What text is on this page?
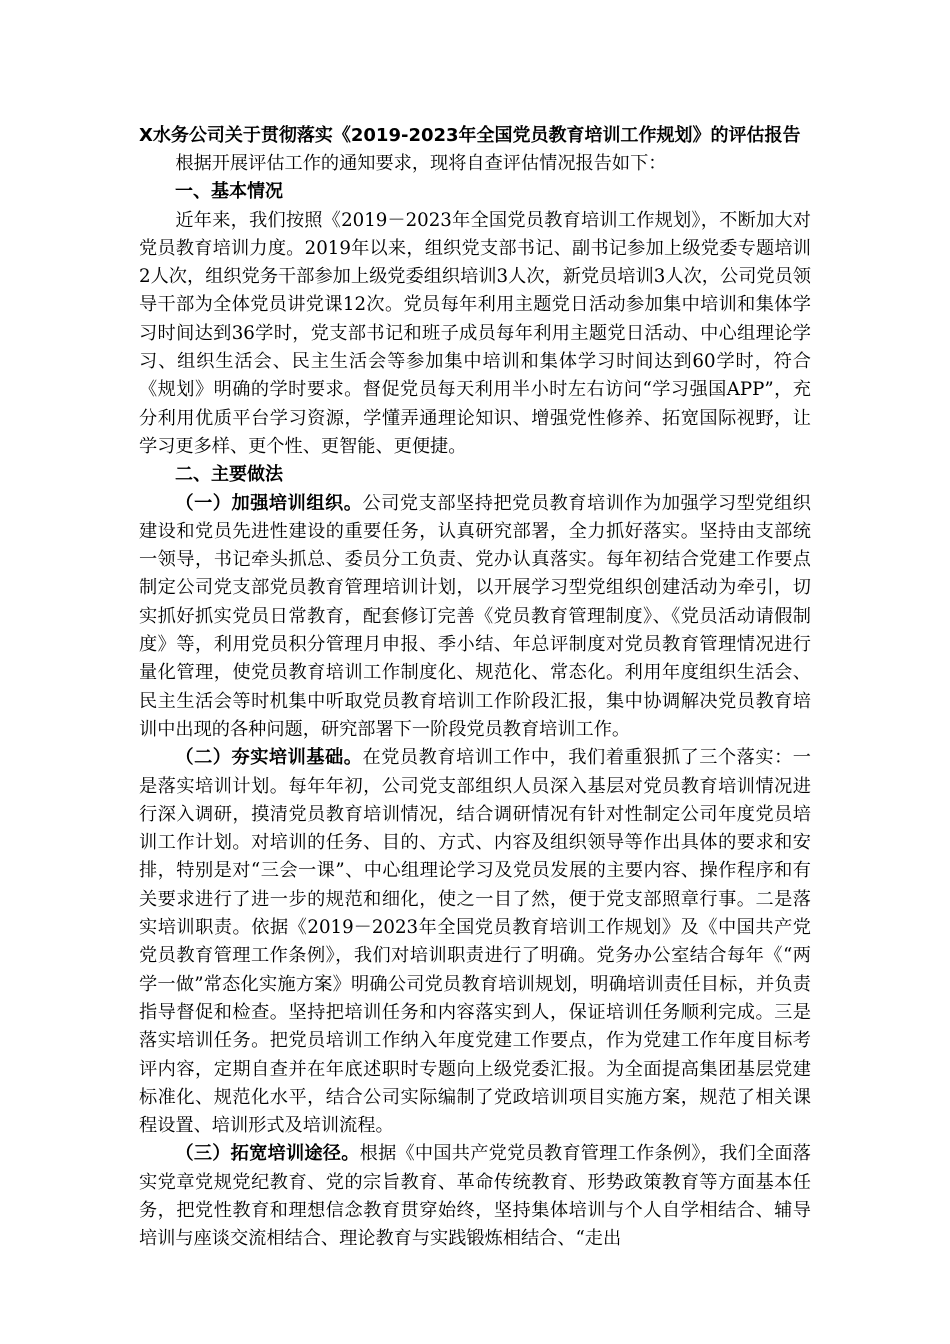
X水务公司关于贯彻落实《2019-2023年全国党员教育培训工作规划》的评估报告

根据开展评估工作的通知要求，现将自查评估情况报告如下：

一、基本情况

近年来，我们按照《2019－2023年全国党员教育培训工作规划》，不断加大对党员教育培训力度。2019年以来，组织党支部书记、副书记参加上级党委专题培训2人次，组织党务干部参加上级党委组织培训3人次，新党员培训3人次，公司党员领导干部为全体党员讲党课12次。党员每年利用主题党日活动参加集中培训和集体学习时间达到36学时，党支部书记和班子成员每年利用主题党日活动、中心组理论学习、组织生活会、民主生活会等参加集中培训和集体学习时间达到60学时，符合《规划》明确的学时要求。督促党员每天利用半小时左右访问“学习强国APP”，充分利用优质平台学习资源，学懂弄通理论知识、增强党性修养、拓宽国际视野，让学习更多样、更个性、更智能、更便捷。

二、主要做法

（一）加强培训组织。公司党支部坚持把党员教育培训作为加强学习型党组织建设和党员先进性建设的重要任务，认真研究部署，全力抓好落实。坚持由支部统一领导，书记牵头抓总、委员分工负责、党办认真落实。每年初结合党建工作要点制定公司党支部党员教育管理培训计划，以开展学习型党组织创建活动为牵引，切实抓好抓实党员日常教育，配套修订完善《党员教育管理制度》、《党员活动请假制度》等，利用党员积分管理月申报、季小结、年总评制度对党员教育管理情况进行量化管理，使党员教育培训工作制度化、规范化、常态化。利用年度组织生活会、民主生活会等时机集中听取党员教育培训工作阶段汇报，集中协调解决党员教育培训中出现的各种问题，研究部署下一阶段党员教育培训工作。

（二）夯实培训基础。在党员教育培训工作中，我们着重狠抓了三个落实：一是落实培训计划。每年年初，公司党支部组织人员深入基层对党员教育培训情况进行深入调研，摸清党员教育培训情况，结合调研情况有针对性制定公司年度党员培训工作计划。对培训的任务、目的、方式、内容及组织领导等作出具体的要求和安排，特别是对“三会一课”、中心组理论学习及党员发展的主要内容、操作程序和有关要求进行了进一步的规范和细化，使之一目了然，便于党支部照章行事。二是落实培训职责。依据《2019－2023年全国党员教育培训工作规划》及《中国共产党党员教育管理工作条例》，我们对培训职责进行了明确。党务办公室结合每年《“两学一做”常态化实施方案》明确公司党员教育培训规划，明确培训责任目标，并负责指导督促和检查。坚持把培训任务和内容落实到人，保证培训任务顺利完成。三是落实培训任务。把党员培训工作纳入年度党建工作要点，作为党建工作年度目标考评内容，定期自查并在年底述职时专题向上级党委汇报。为全面提高集团基层党建标准化、规范化水平，结合公司实际编制了党政培训项目实施方案，规范了相关课程设置、培训形式及培训流程。

（三）拓宽培训途径。根据《中国共产党党员教育管理工作条例》，我们全面落实党章党规党纪教育、党的宗旨教育、革命传统教育、形势政策教育等方面基本任务，把党性教育和理想信念教育贯穿始终，坚持集体培训与个人自学相结合、辅导培训与座谈交流相结合、理论教育与实践锻炼相结合、“走出
